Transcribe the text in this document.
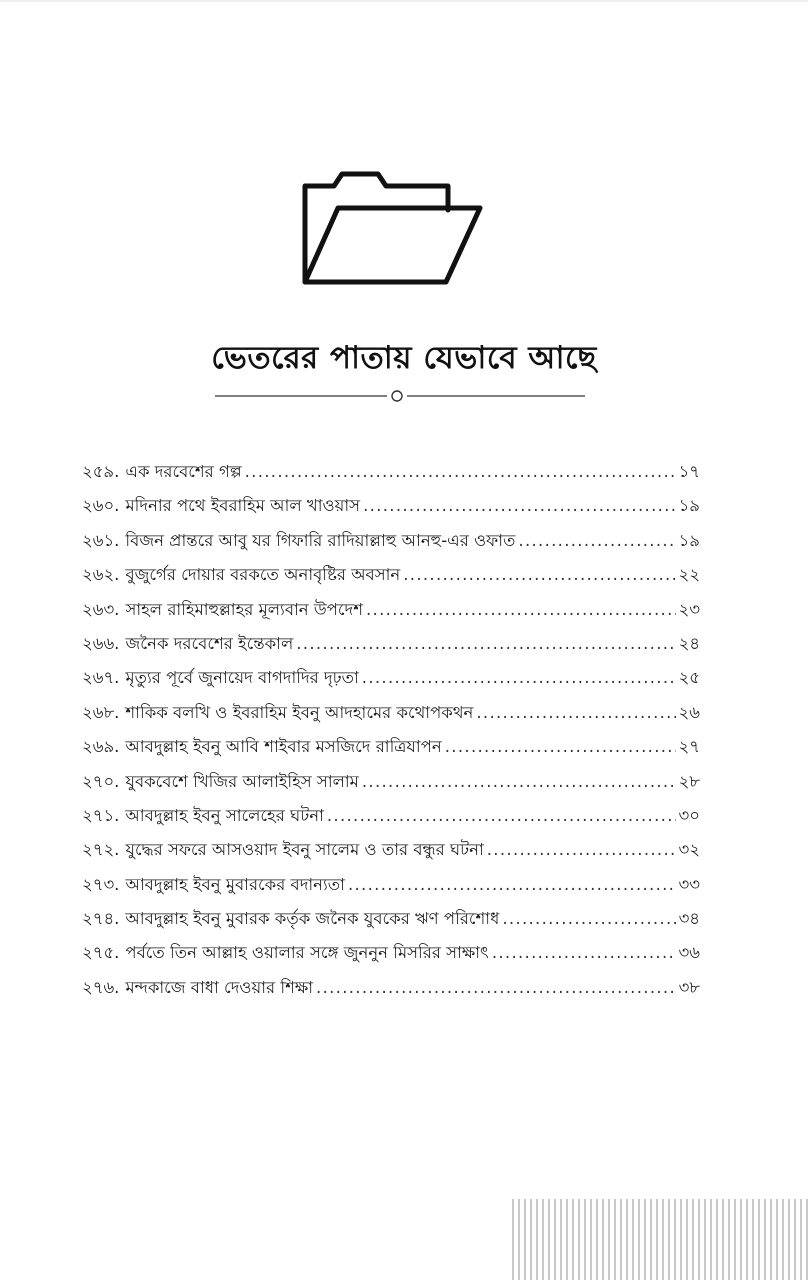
ভেতরের পাতায় যেভাবে আছে
২৫৯. এক দরবেশের গল্প .....	১৭
২৬০. মদিনার পথে ইবরাহিম আল খাওয়াস .....	১৯
২৬১. বিজন প্রান্তরে আবু যর গিফারি রাদিয়াল্লাহু আনহু-এর ওফাত .....	১৯
২৬২. বুজুর্গের দোয়ার বরকতে অনাবৃষ্টির অবসান .....	২২
২৬৩. সাহল রাহিমাহুল্লাহর মূল্যবান উপদেশ .....	২৩
২৬৬. জনৈক দরবেশের ইন্তেকাল .....	২৪
২৬৭. মৃত্যুর পূর্বে জুনায়েদ বাগদাদির দৃঢ়তা .....	২৫
২৬৮. শাকিক বলখি ও ইবরাহিম ইবনু আদহামের কথোপকথন .....	২৬
২৬৯. আবদুল্লাহ ইবনু আবি শাইবার মসজিদে রাত্রিযাপন .....	২৭
২৭০. যুবকবেশে খিজির আলাইহিস সালাম .....	২৮
২৭১. আবদুল্লাহ ইবনু সালেহের ঘটনা .....	৩০
২৭২. যুদ্ধের সফরে আসওয়াদ ইবনু সালেম ও তার বন্ধুর ঘটনা .....	৩২
২৭৩. আবদুল্লাহ ইবনু মুবারকের বদান্যতা .....	৩৩
২৭৪. আবদুল্লাহ ইবনু মুবারক কর্তৃক জনৈক যুবকের ঋণ পরিশোধ .....	৩৪
২৭৫. পর্বতে তিন আল্লাহ ওয়ালার সঙ্গে জুননুন মিসরির সাক্ষাৎ .....	৩৬
২৭৬. মন্দকাজে বাধা দেওয়ার শিক্ষা .....	৩৮
